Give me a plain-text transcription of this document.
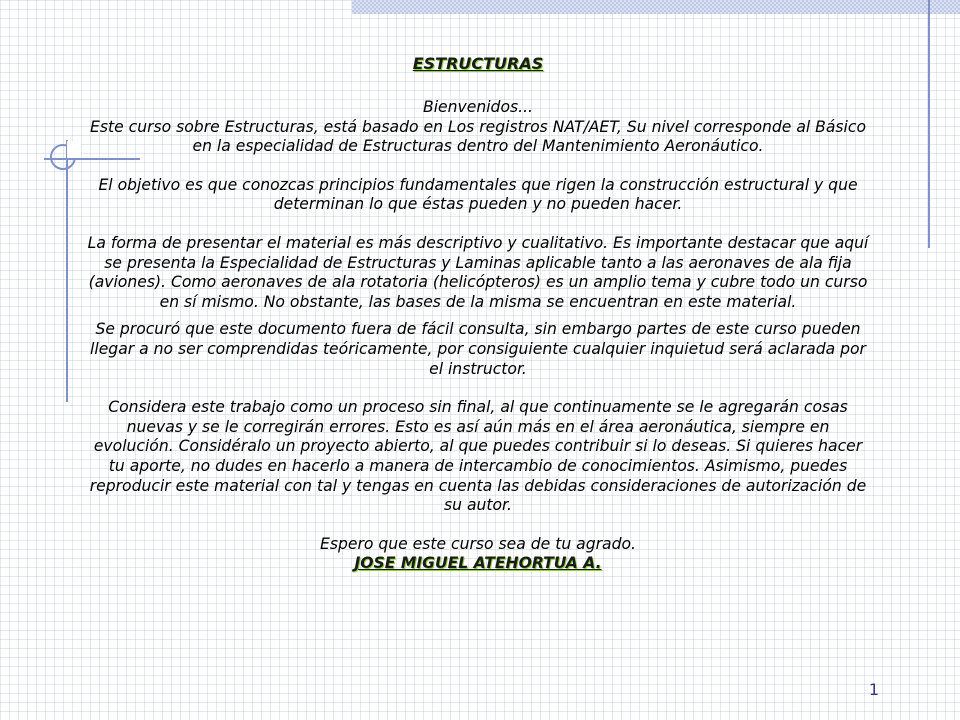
ESTRUCTURAS

Bienvenidos...

Este curso sobre Estructuras, está basado en Los registros NAT/AET, Su nivel corresponde al Básico en la especialidad de Estructuras dentro del Mantenimiento Aeronáutico.

El objetivo es que conozcas principios fundamentales que rigen la construcción estructural y que determinan lo que éstas pueden y no pueden hacer.

La forma de presentar el material es más descriptivo y cualitativo. Es importante destacar que aquí se presenta la Especialidad de Estructuras y Laminas aplicable tanto a las aeronaves de ala fija (aviones). Como aeronaves de ala rotatoria (helicópteros) es un amplio tema y cubre todo un curso en sí mismo. No obstante, las bases de la misma se encuentran en este material.

Se procuró que este documento fuera de fácil consulta, sin embargo partes de este curso pueden llegar a no ser comprendidas teóricamente, por consiguiente cualquier inquietud será aclarada por el instructor.

Considera este trabajo como un proceso sin final, al que continuamente se le agregarán cosas nuevas y se le corregirán errores. Esto es así aún más en el área aeronáutica, siempre en evolución. Considéralo un proyecto abierto, al que puedes contribuir si lo deseas. Si quieres hacer tu aporte, no dudes en hacerlo a manera de intercambio de conocimientos. Asimismo, puedes reproducir este material con tal y tengas en cuenta las debidas consideraciones de autorización de su autor.

Espero que este curso sea de tu agrado.

JOSE MIGUEL ATEHORTUA A.

1
